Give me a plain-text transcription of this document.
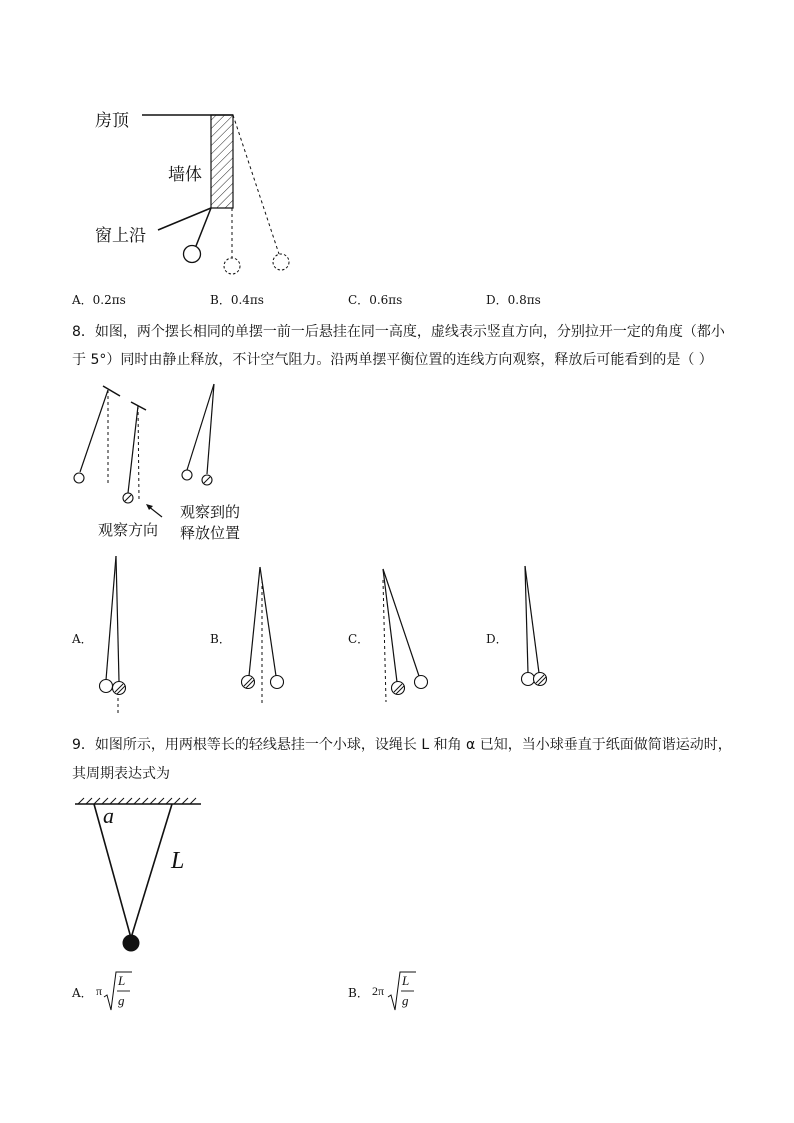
房顶
墙体
窗上沿
A．0.2πs	B．0.4πs	C．0.6πs	D．0.8πs
8．如图，两个摆长相同的单摆一前一后悬挂在同一高度，虚线表示竖直方向，分别拉开一定的角度（都小
于 5°）同时由静止释放，不计空气阻力。沿两单摆平衡位置的连线方向观察，释放后可能看到的是（ ）
观察方向
观察到的
释放位置
A．	B．	C．	D．
9．如图所示，用两根等长的轻线悬挂一个小球，设绳长 L 和角 α 已知，当小球垂直于纸面做简谐运动时，
其周期表达式为
a
L
A． π
L
g	B． 2π
L
g
